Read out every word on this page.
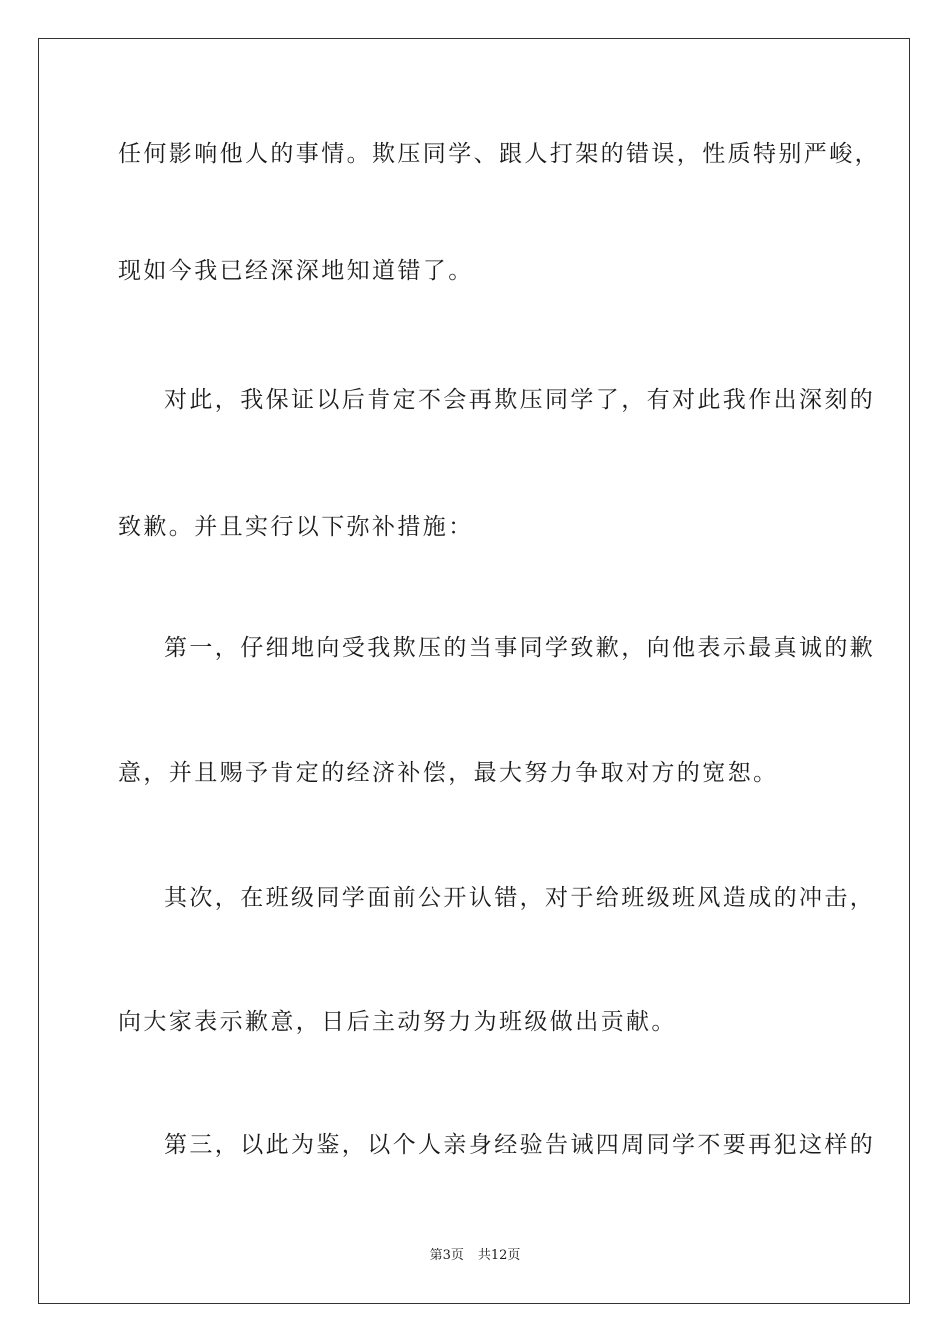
任何影响他人的事情。欺压同学、跟人打架的错误，性质特别严峻，
现如今我已经深深地知道错了。
对此，我保证以后肯定不会再欺压同学了，有对此我作出深刻的
致歉。并且实行以下弥补措施：
第一，仔细地向受我欺压的当事同学致歉，向他表示最真诚的歉
意，并且赐予肯定的经济补偿，最大努力争取对方的宽恕。
其次，在班级同学面前公开认错，对于给班级班风造成的冲击，
向大家表示歉意，日后主动努力为班级做出贡献。
第三，以此为鉴，以个人亲身经验告诫四周同学不要再犯这样的
第3页 共12页
